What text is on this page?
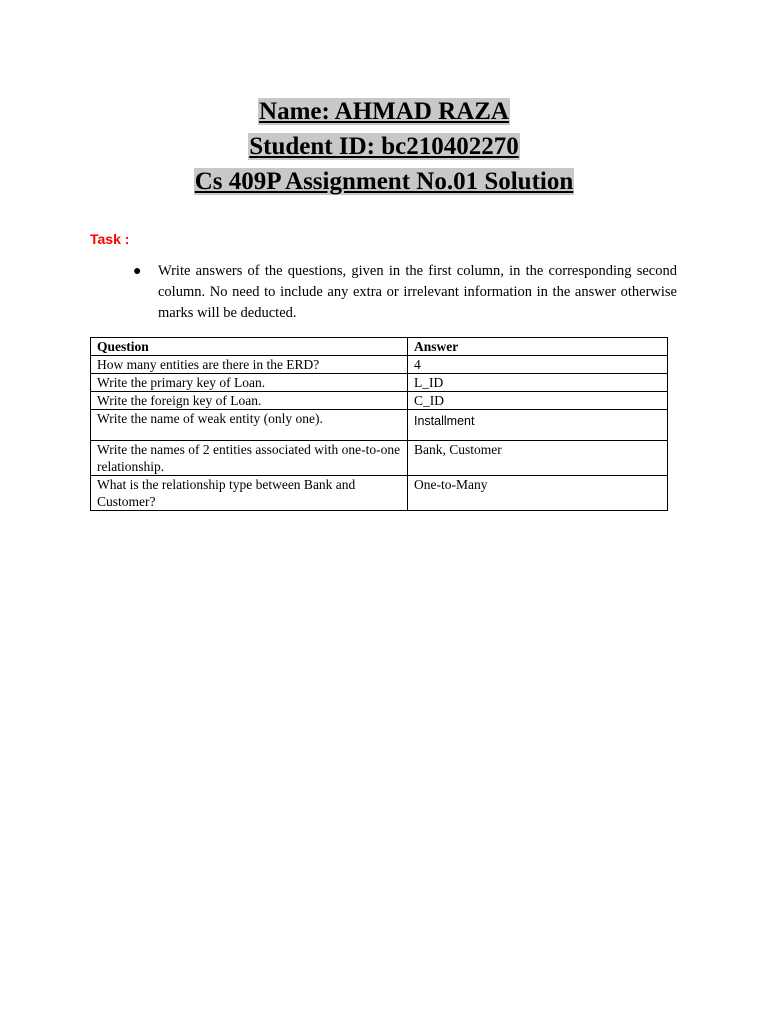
Name: AHMAD RAZA
Student ID: bc210402270
Cs 409P Assignment No.01 Solution
Task :
● Write answers of the questions, given in the first column, in the corresponding second column. No need to include any extra or irrelevant information in the answer otherwise marks will be deducted.
Question	Answer
How many entities are there in the ERD?	4
Write the primary key of Loan.	L_ID
Write the foreign key of Loan.	C_ID
Write the name of weak entity (only one).	Installment
Write the names of 2 entities associated with one-to-one relationship.	Bank, Customer
What is the relationship type between Bank and Customer?	One-to-Many
